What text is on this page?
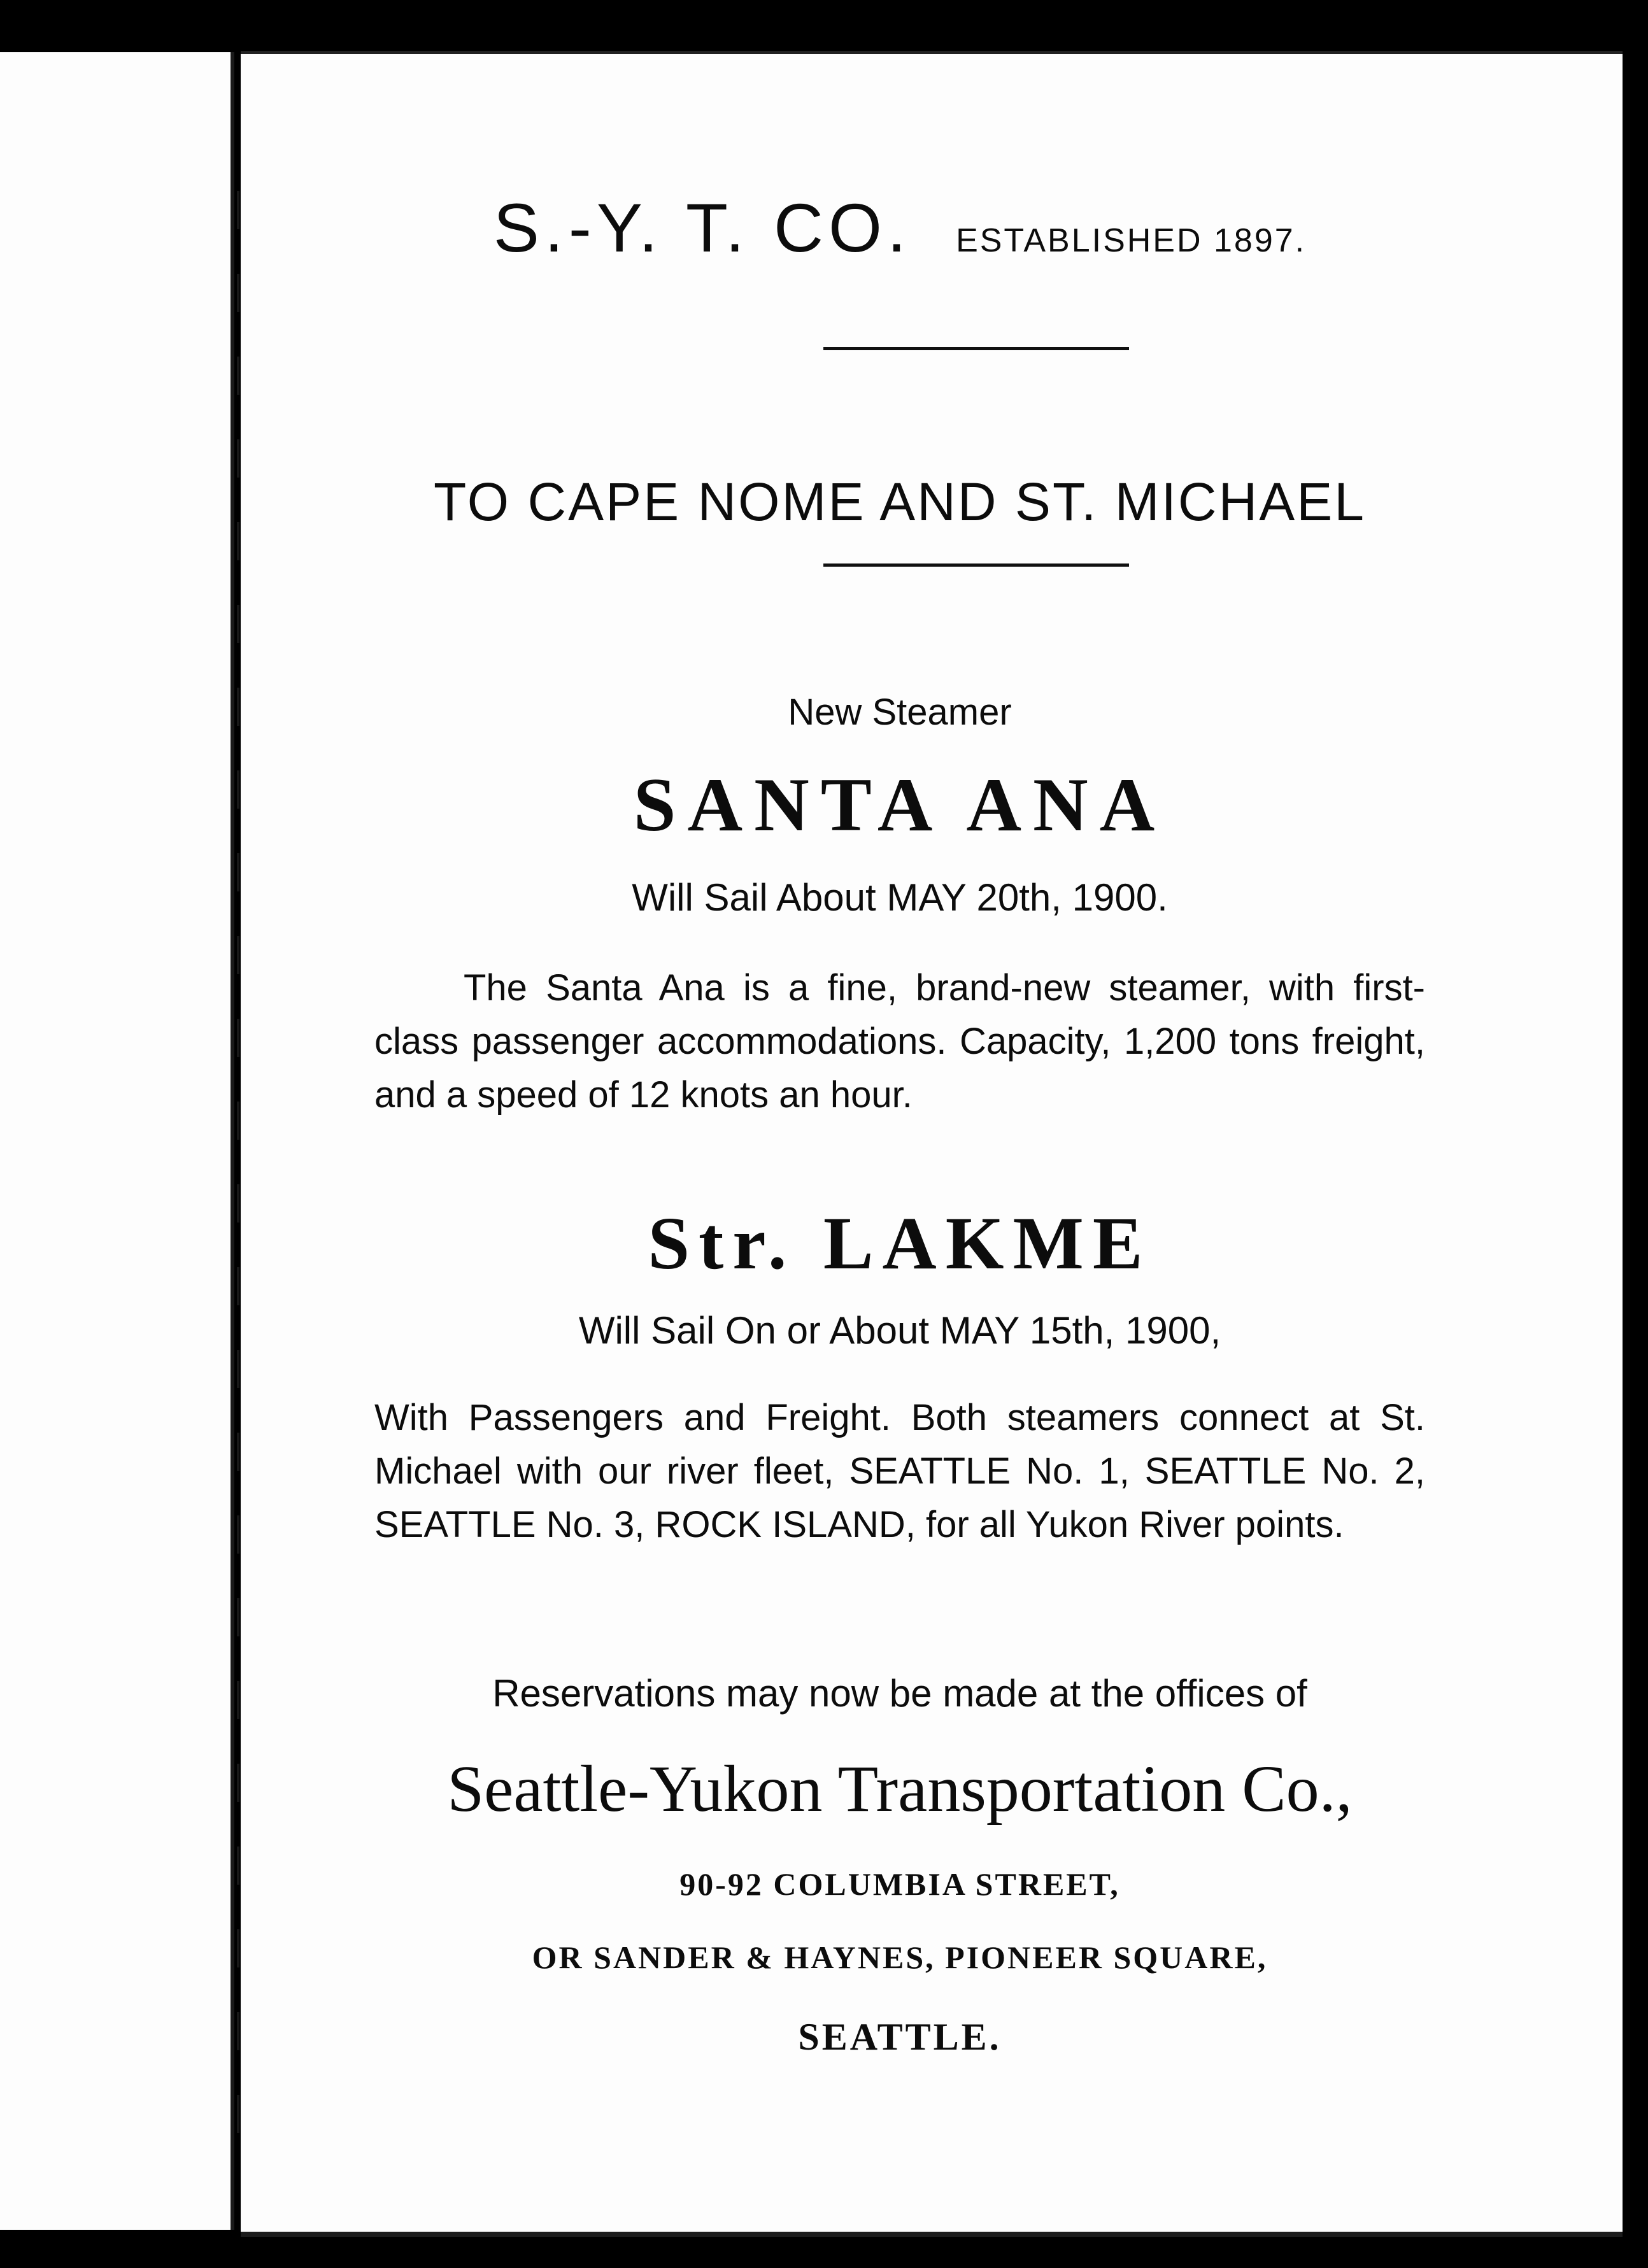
S.-Y. T. CO. ESTABLISHED 1897.
TO CAPE NOME AND ST. MICHAEL
New Steamer
SANTA ANA
Will Sail About MAY 20th, 1900.
The Santa Ana is a fine, brand-new steamer, with first-class passenger accommodations. Capacity, 1,200 tons freight, and a speed of 12 knots an hour.
Str. LAKME
Will Sail On or About MAY 15th, 1900,
With Passengers and Freight. Both steamers connect at St. Michael with our river fleet, SEATTLE No. 1, SEATTLE No. 2, SEATTLE No. 3, ROCK ISLAND, for all Yukon River points.
Reservations may now be made at the offices of
Seattle-Yukon Transportation Co.,
90-92 COLUMBIA STREET,
OR SANDER & HAYNES, PIONEER SQUARE,
SEATTLE.
